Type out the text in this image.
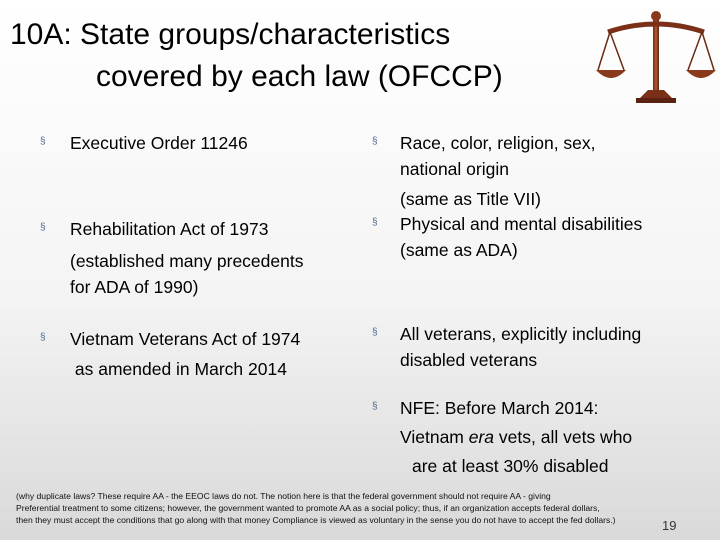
10A: State groups/characteristics
covered by each law (OFCCP)
§ Executive Order 11246
§ Rehabilitation Act of 1973
(established many precedents
for ADA of 1990)
§ Vietnam Veterans Act of 1974
as amended in March 2014
§ Race, color, religion, sex,
national origin
(same as Title VII)
§ Physical and mental disabilities
(same as ADA)
§ All veterans, explicitly including
disabled veterans
§ NFE: Before March 2014:
Vietnam era vets, all vets who
are at least 30% disabled
(why duplicate laws? These require AA - the EEOC laws do not. The notion here is that the federal government should not require AA - giving
Preferential treatment to some citizens; however, the government wanted to promote AA as a social policy; thus, if an organization accepts federal dollars,
then they must accept the conditions that go along with that money Compliance is viewed as voluntary in the sense you do not have to accept the fed dollars.)	19
